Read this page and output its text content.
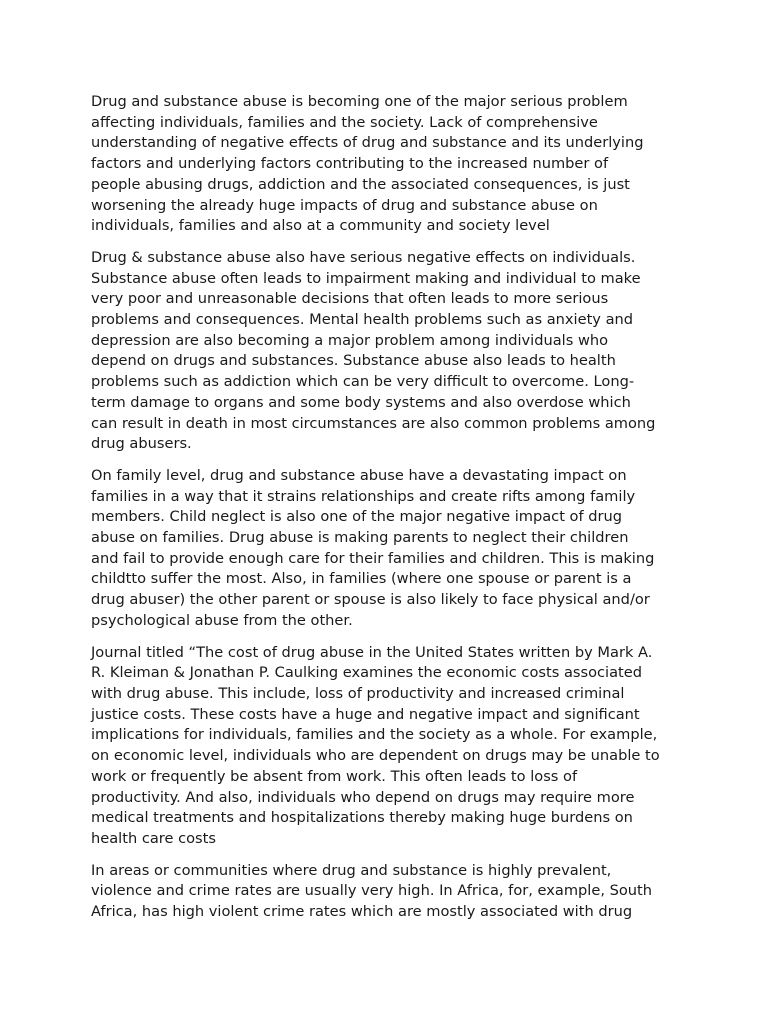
Drug and substance abuse is becoming one of the major serious problem
affecting individuals, families and the society. Lack of comprehensive
understanding of negative effects of drug and substance and its underlying
factors and underlying factors contributing to the increased number of
people abusing drugs, addiction and the associated consequences, is just
worsening the already huge impacts of drug and substance abuse on
individuals, families and also at a community and society level

Drug & substance abuse also have serious negative effects on individuals.
Substance abuse often leads to impairment making and individual to make
very poor and unreasonable decisions that often leads to more serious
problems and consequences. Mental health problems such as anxiety and
depression are also becoming a major problem among individuals who
depend on drugs and substances. Substance abuse also leads to health
problems such as addiction which can be very difficult to overcome. Long-
term damage to organs and some body systems and also overdose which
can result in death in most circumstances are also common problems among
drug abusers.

On family level, drug and substance abuse have a devastating impact on
families in a way that it strains relationships and create rifts among family
members. Child neglect is also one of the major negative impact of drug
abuse on families. Drug abuse is making parents to neglect their children
and fail to provide enough care for their families and children. This is making
childtto suffer the most. Also, in families (where one spouse or parent is a
drug abuser) the other parent or spouse is also likely to face physical and/or
psychological abuse from the other.

Journal titled “The cost of drug abuse in the United States written by Mark A.
R. Kleiman & Jonathan P. Caulking examines the economic costs associated
with drug abuse. This include, loss of productivity and increased criminal
justice costs. These costs have a huge and negative impact and significant
implications for individuals, families and the society as a whole. For example,
on economic level, individuals who are dependent on drugs may be unable to
work or frequently be absent from work. This often leads to loss of
productivity. And also, individuals who depend on drugs may require more
medical treatments and hospitalizations thereby making huge burdens on
health care costs

In areas or communities where drug and substance is highly prevalent,
violence and crime rates are usually very high. In Africa, for, example, South
Africa, has high violent crime rates which are mostly associated with drug
